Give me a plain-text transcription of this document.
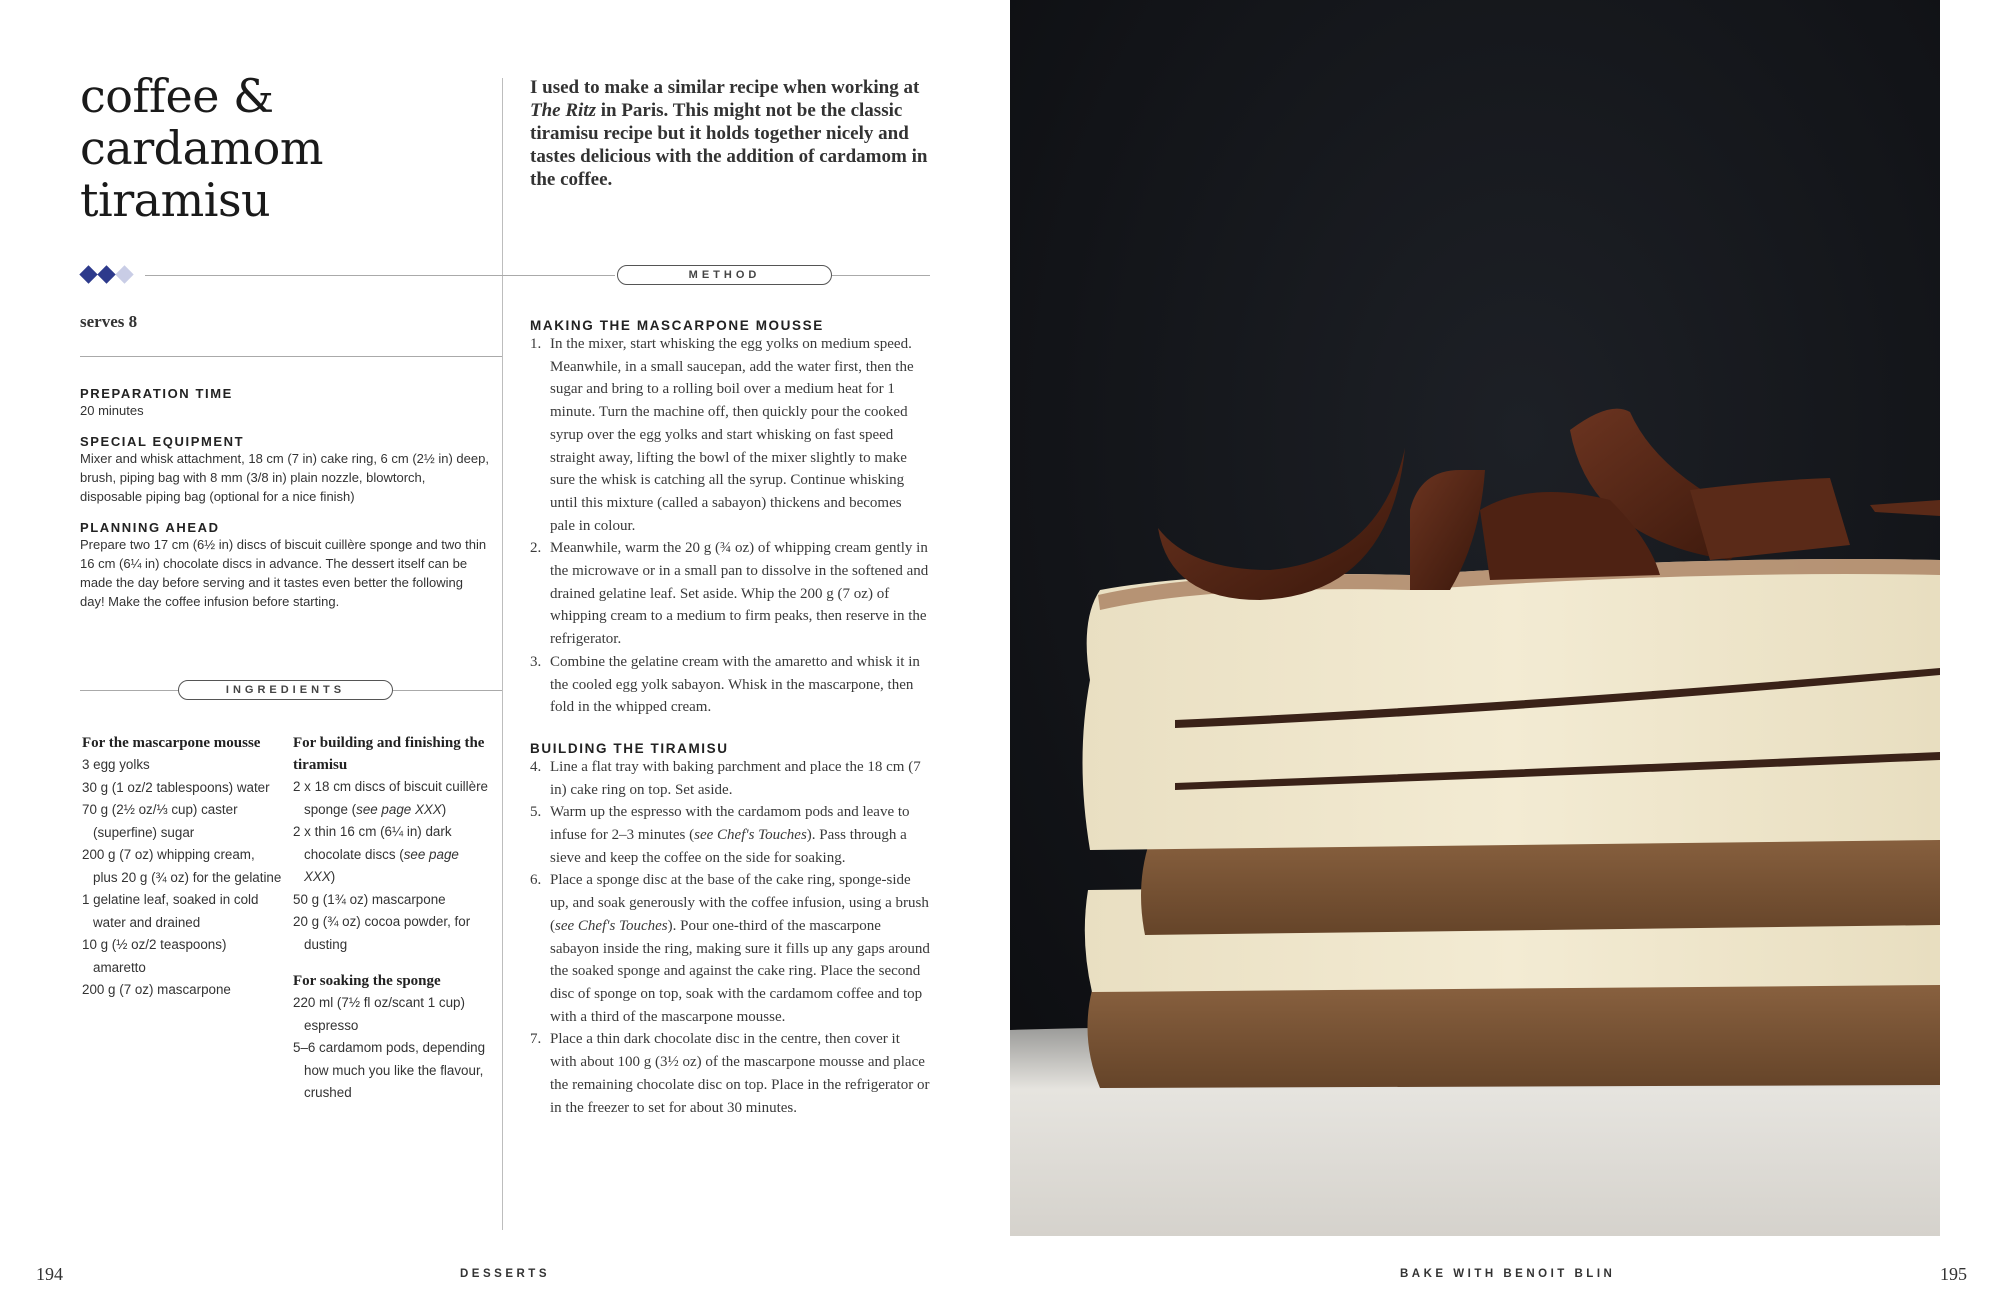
coffee &
cardamom
tiramisu
I used to make a similar recipe when working at The Ritz in Paris. This might not be the classic tiramisu recipe but it holds together nicely and tastes delicious with the addition of cardamom in the coffee.
METHOD
serves 8
PREPARATION TIME
20 minutes
SPECIAL EQUIPMENT
Mixer and whisk attachment, 18 cm (7 in) cake ring, 6 cm (2½ in) deep, brush, piping bag with 8 mm (3/8 in) plain nozzle, blowtorch, disposable piping bag (optional for a nice finish)
PLANNING AHEAD
Prepare two 17 cm (6½ in) discs of biscuit cuillère sponge and two thin 16 cm (6¼ in) chocolate discs in advance. The dessert itself can be made the day before serving and it tastes even better the following day! Make the coffee infusion before starting.
INGREDIENTS
For the mascarpone mousse
3 egg yolks
30 g (1 oz/2 tablespoons) water
70 g (2½ oz/⅓ cup) caster (superfine) sugar
200 g (7 oz) whipping cream, plus 20 g (¾ oz) for the gelatine
1 gelatine leaf, soaked in cold water and drained
10 g (½ oz/2 teaspoons) amaretto
200 g (7 oz) mascarpone
For building and finishing the tiramisu
2 x 18 cm discs of biscuit cuillère sponge (see page XXX)
2 x thin 16 cm (6¼ in) dark chocolate discs (see page XXX)
50 g (1¾ oz) mascarpone
20 g (¾ oz) cocoa powder, for dusting
For soaking the sponge
220 ml (7½ fl oz/scant 1 cup) espresso
5–6 cardamom pods, depending how much you like the flavour, crushed
MAKING THE MASCARPONE MOUSSE
1. In the mixer, start whisking the egg yolks on medium speed. Meanwhile, in a small saucepan, add the water first, then the sugar and bring to a rolling boil over a medium heat for 1 minute. Turn the machine off, then quickly pour the cooked syrup over the egg yolks and start whisking on fast speed straight away, lifting the bowl of the mixer slightly to make sure the whisk is catching all the syrup. Continue whisking until this mixture (called a sabayon) thickens and becomes pale in colour.
2. Meanwhile, warm the 20 g (¾ oz) of whipping cream gently in the microwave or in a small pan to dissolve in the softened and drained gelatine leaf. Set aside. Whip the 200 g (7 oz) of whipping cream to a medium to firm peaks, then reserve in the refrigerator.
3. Combine the gelatine cream with the amaretto and whisk it in the cooled egg yolk sabayon. Whisk in the mascarpone, then fold in the whipped cream.
BUILDING THE TIRAMISU
4. Line a flat tray with baking parchment and place the 18 cm (7 in) cake ring on top. Set aside.
5. Warm up the espresso with the cardamom pods and leave to infuse for 2–3 minutes (see Chef's Touches). Pass through a sieve and keep the coffee on the side for soaking.
6. Place a sponge disc at the base of the cake ring, sponge-side up, and soak generously with the coffee infusion, using a brush (see Chef's Touches). Pour one-third of the mascarpone sabayon inside the ring, making sure it fills up any gaps around the soaked sponge and against the cake ring. Place the second disc of sponge on top, soak with the cardamom coffee and top with a third of the mascarpone mousse.
7. Place a thin dark chocolate disc in the centre, then cover it with about 100 g (3½ oz) of the mascarpone mousse and place the remaining chocolate disc on top. Place in the refrigerator or in the freezer to set for about 30 minutes.
194	DESSERTS	BAKE WITH BENOIT BLIN	195
